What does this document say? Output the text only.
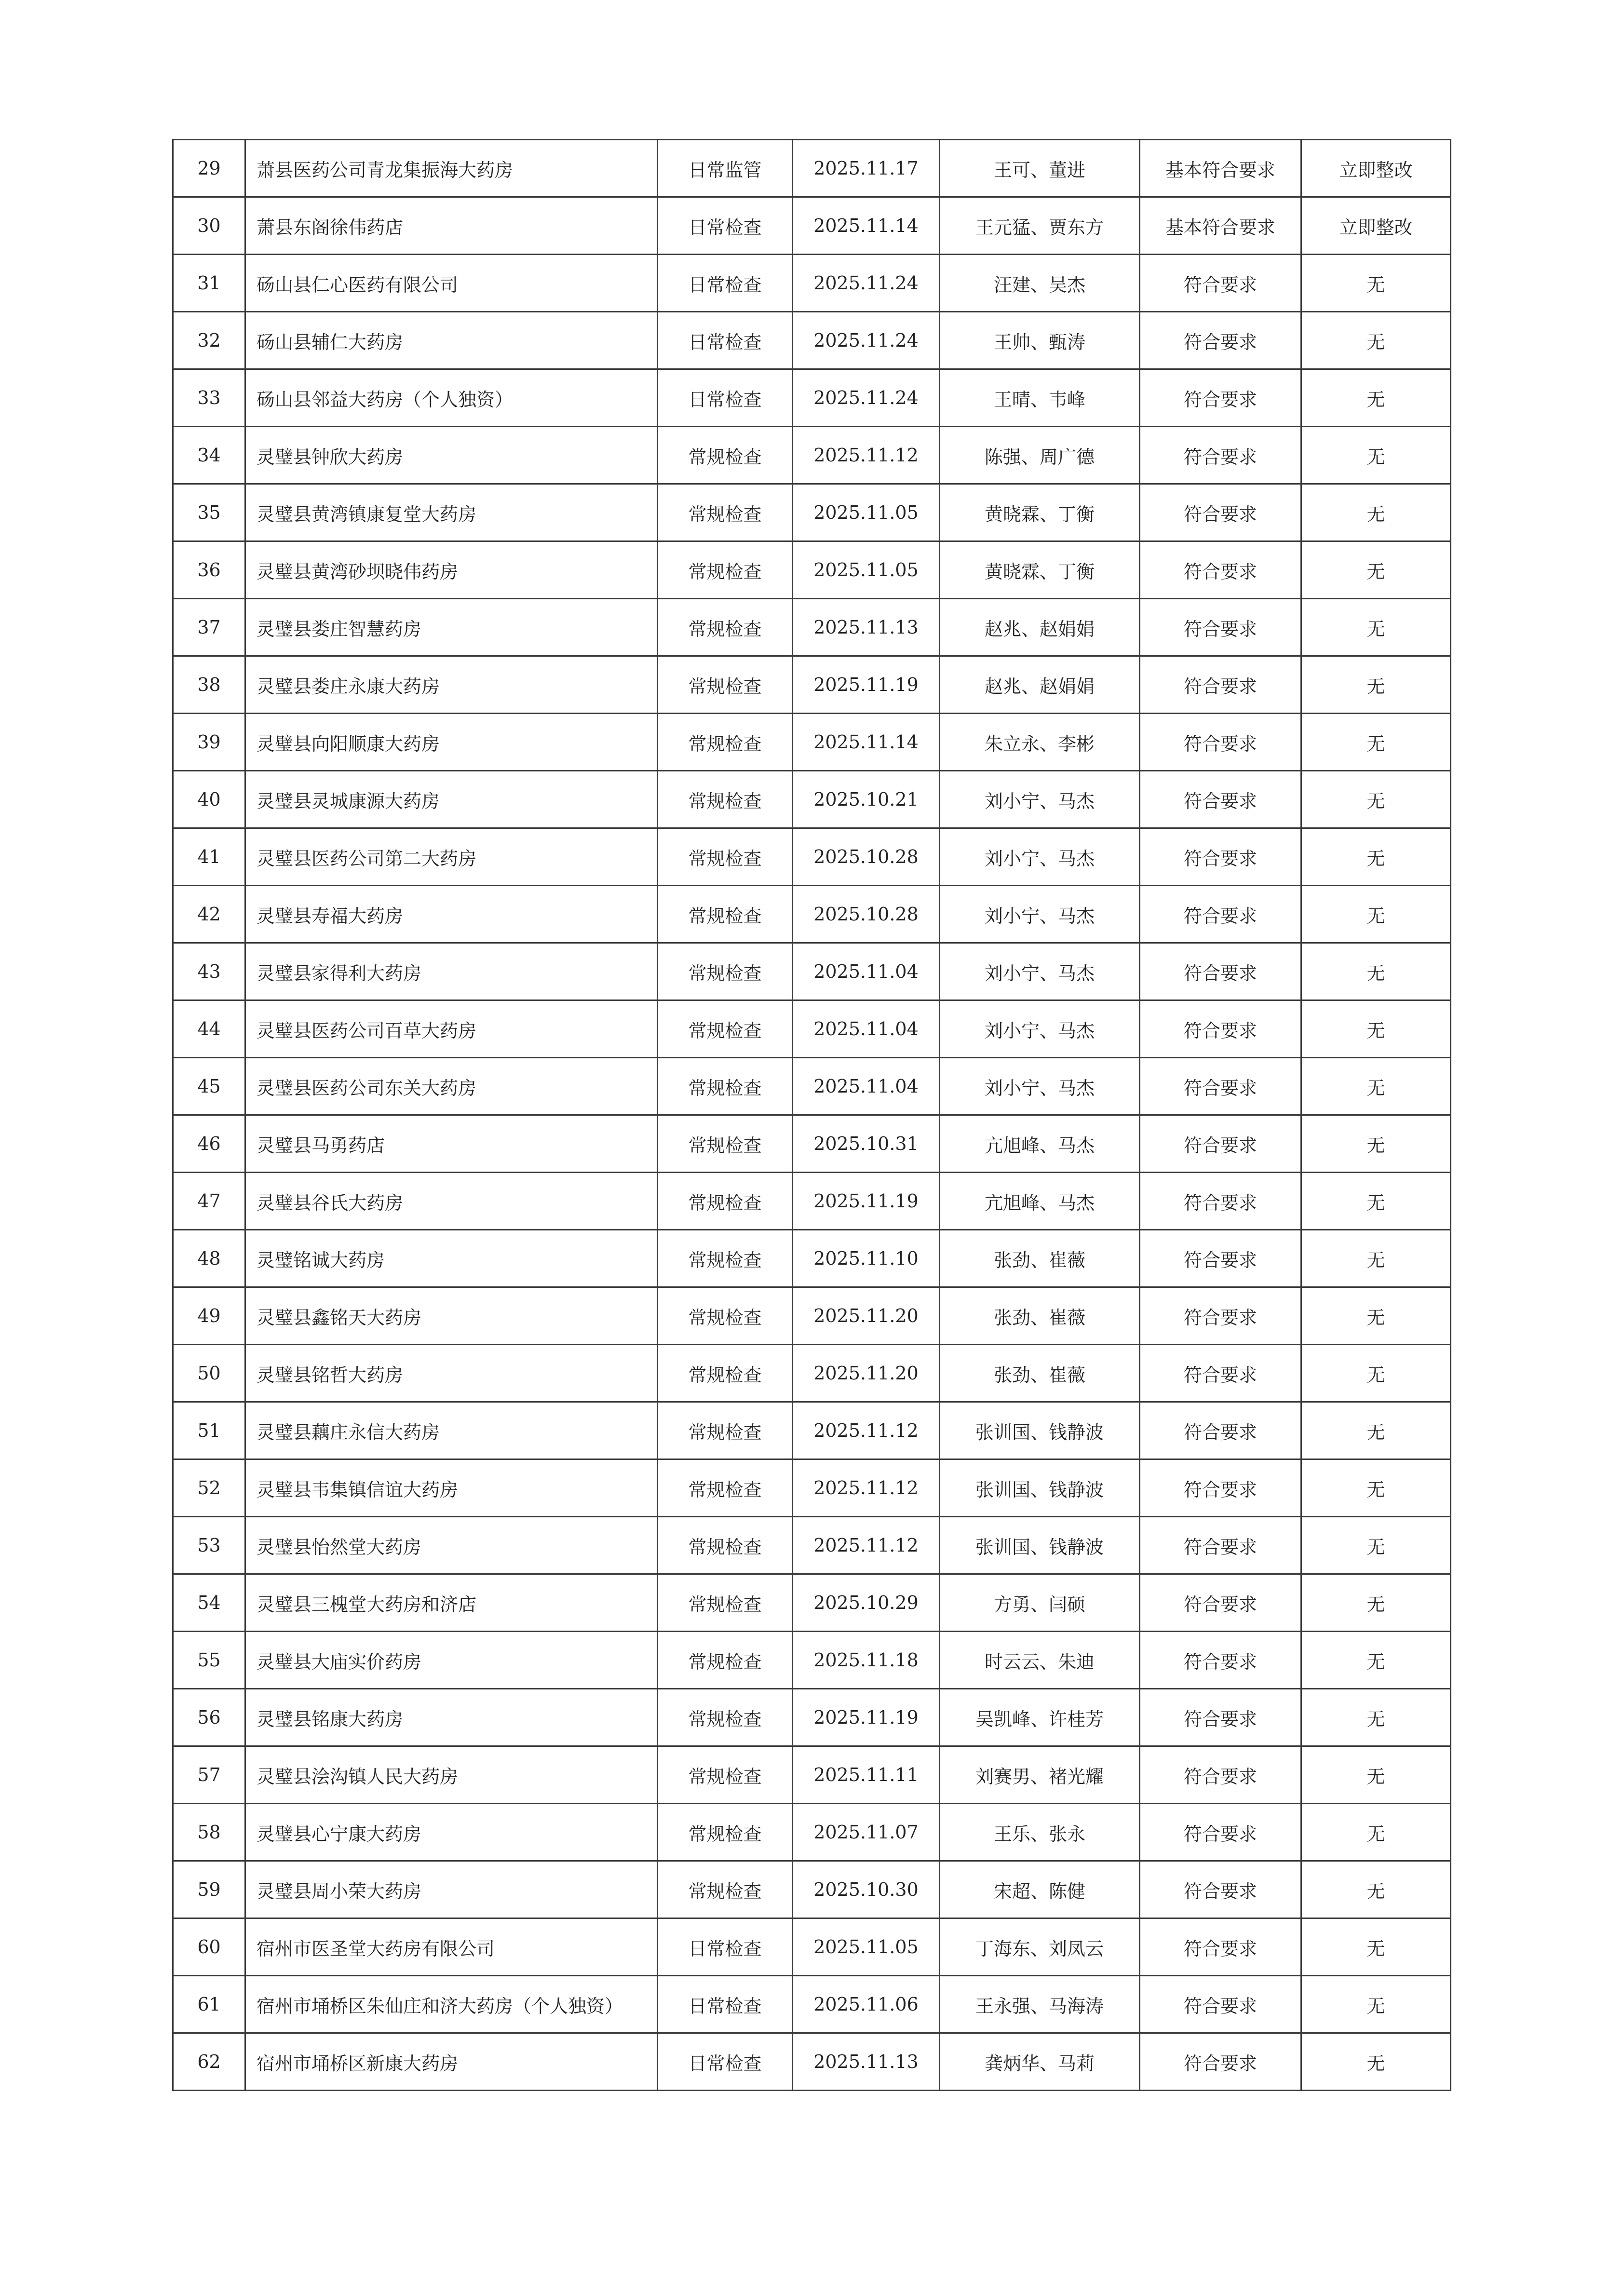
29	萧县医药公司青龙集振海大药房	日常监管	2025.11.17	王可、董进	基本符合要求	立即整改
30	萧县东阁徐伟药店	日常检查	2025.11.14	王元猛、贾东方	基本符合要求	立即整改
31	砀山县仁心医药有限公司	日常检查	2025.11.24	汪建、吴杰	符合要求	无
32	砀山县辅仁大药房	日常检查	2025.11.24	王帅、甄涛	符合要求	无
33	砀山县邻益大药房（个人独资）	日常检查	2025.11.24	王晴、韦峰	符合要求	无
34	灵璧县钟欣大药房	常规检查	2025.11.12	陈强、周广德	符合要求	无
35	灵璧县黄湾镇康复堂大药房	常规检查	2025.11.05	黄晓霖、丁衡	符合要求	无
36	灵璧县黄湾砂坝晓伟药房	常规检查	2025.11.05	黄晓霖、丁衡	符合要求	无
37	灵璧县娄庄智慧药房	常规检查	2025.11.13	赵兆、赵娟娟	符合要求	无
38	灵璧县娄庄永康大药房	常规检查	2025.11.19	赵兆、赵娟娟	符合要求	无
39	灵璧县向阳顺康大药房	常规检查	2025.11.14	朱立永、李彬	符合要求	无
40	灵璧县灵城康源大药房	常规检查	2025.10.21	刘小宁、马杰	符合要求	无
41	灵璧县医药公司第二大药房	常规检查	2025.10.28	刘小宁、马杰	符合要求	无
42	灵璧县寿福大药房	常规检查	2025.10.28	刘小宁、马杰	符合要求	无
43	灵璧县家得利大药房	常规检查	2025.11.04	刘小宁、马杰	符合要求	无
44	灵璧县医药公司百草大药房	常规检查	2025.11.04	刘小宁、马杰	符合要求	无
45	灵璧县医药公司东关大药房	常规检查	2025.11.04	刘小宁、马杰	符合要求	无
46	灵璧县马勇药店	常规检查	2025.10.31	亢旭峰、马杰	符合要求	无
47	灵璧县谷氏大药房	常规检查	2025.11.19	亢旭峰、马杰	符合要求	无
48	灵璧铭诚大药房	常规检查	2025.11.10	张劲、崔薇	符合要求	无
49	灵璧县鑫铭天大药房	常规检查	2025.11.20	张劲、崔薇	符合要求	无
50	灵璧县铭哲大药房	常规检查	2025.11.20	张劲、崔薇	符合要求	无
51	灵璧县藕庄永信大药房	常规检查	2025.11.12	张训国、钱静波	符合要求	无
52	灵璧县韦集镇信谊大药房	常规检查	2025.11.12	张训国、钱静波	符合要求	无
53	灵璧县怡然堂大药房	常规检查	2025.11.12	张训国、钱静波	符合要求	无
54	灵璧县三槐堂大药房和济店	常规检查	2025.10.29	方勇、闫硕	符合要求	无
55	灵璧县大庙实价药房	常规检查	2025.11.18	时云云、朱迪	符合要求	无
56	灵璧县铭康大药房	常规检查	2025.11.19	吴凯峰、许桂芳	符合要求	无
57	灵璧县浍沟镇人民大药房	常规检查	2025.11.11	刘赛男、褚光耀	符合要求	无
58	灵璧县心宁康大药房	常规检查	2025.11.07	王乐、张永	符合要求	无
59	灵璧县周小荣大药房	常规检查	2025.10.30	宋超、陈健	符合要求	无
60	宿州市医圣堂大药房有限公司	日常检查	2025.11.05	丁海东、刘凤云	符合要求	无
61	宿州市埇桥区朱仙庄和济大药房（个人独资）	日常检查	2025.11.06	王永强、马海涛	符合要求	无
62	宿州市埇桥区新康大药房	日常检查	2025.11.13	龚炳华、马莉	符合要求	无
